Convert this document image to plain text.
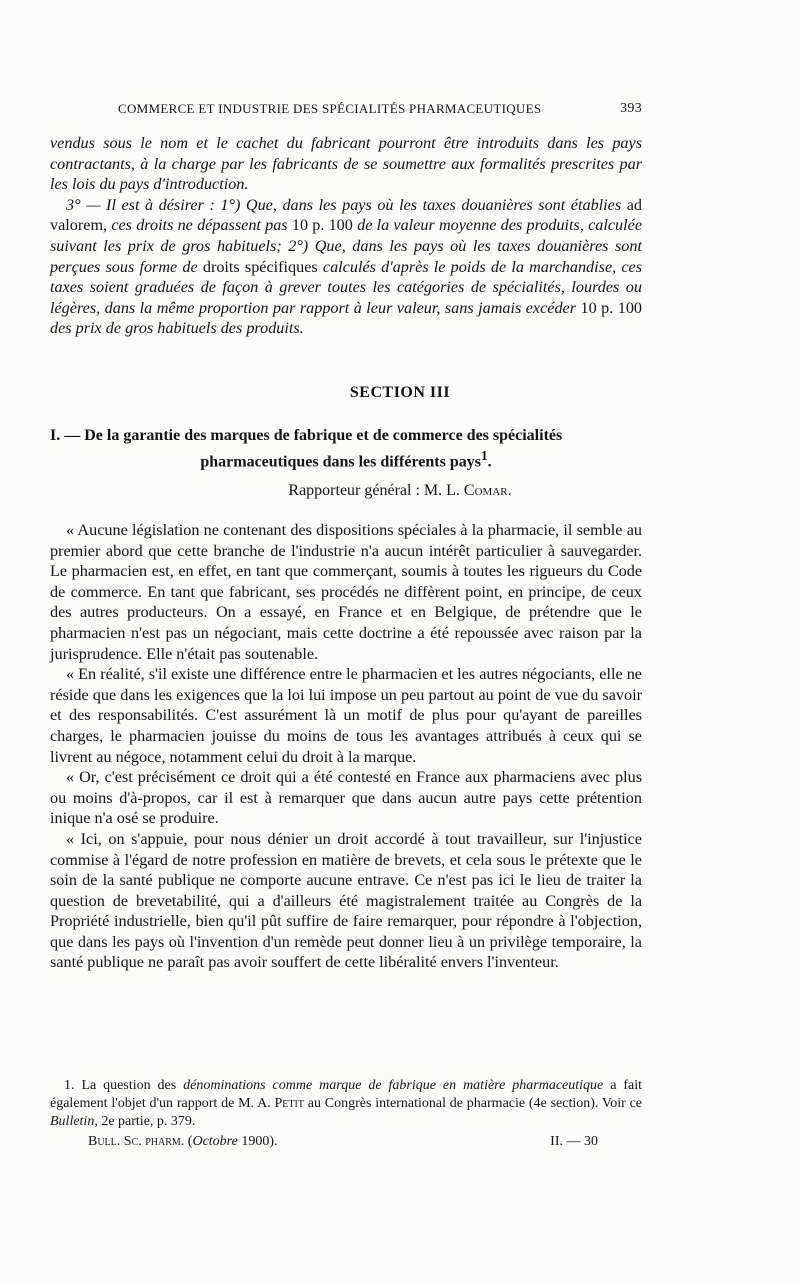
COMMERCE ET INDUSTRIE DES SPÉCIALITÉS PHARMACEUTIQUES	393

vendus sous le nom et le cachet du fabricant pourront être introduits dans les pays contractants, à la charge par les fabricants de se soumettre aux formalités prescrites par les lois du pays d'introduction.

3° — Il est à désirer : 1°) Que, dans les pays où les taxes douanières sont établies ad valorem, ces droits ne dépassent pas 10 p. 100 de la valeur moyenne des produits, calculée suivant les prix de gros habituels; 2°) Que, dans les pays où les taxes douanières sont perçues sous forme de droits spécifiques calculés d'après le poids de la marchandise, ces taxes soient graduées de façon à grever toutes les catégories de spécialités, lourdes ou légères, dans la même proportion par rapport à leur valeur, sans jamais excéder 10 p. 100 des prix de gros habituels des produits.

SECTION III
I. — De la garantie des marques de fabrique et de commerce des spécialités
pharmaceutiques dans les différents pays$^1$.
Rapporteur général : M. L. Comar.

« Aucune législation ne contenant des dispositions spéciales à la pharmacie, il semble au premier abord que cette branche de l'industrie n'a aucun intérêt particulier à sauvegarder. Le pharmacien est, en effet, en tant que commerçant, soumis à toutes les rigueurs du Code de commerce. En tant que fabricant, ses procédés ne diffèrent point, en principe, de ceux des autres producteurs. On a essayé, en France et en Belgique, de prétendre que le pharmacien n'est pas un négociant, mais cette doctrine a été repoussée avec raison par la jurisprudence. Elle n'était pas soutenable.

« En réalité, s'il existe une différence entre le pharmacien et les autres négociants, elle ne réside que dans les exigences que la loi lui impose un peu partout au point de vue du savoir et des responsabilités. C'est assurément là un motif de plus pour qu'ayant de pareilles charges, le pharmacien jouisse du moins de tous les avantages attribués à ceux qui se livrent au négoce, notamment celui du droit à la marque.

« Or, c'est précisément ce droit qui a été contesté en France aux pharmaciens avec plus ou moins d'à-propos, car il est à remarquer que dans aucun autre pays cette prétention inique n'a osé se produire.

« Ici, on s'appuie, pour nous dénier un droit accordé à tout travailleur, sur l'injustice commise à l'égard de notre profession en matière de brevets, et cela sous le prétexte que le soin de la santé publique ne comporte aucune entrave. Ce n'est pas ici le lieu de traiter la question de brevetabilité, qui a d'ailleurs été magistralement traitée au Congrès de la Propriété industrielle, bien qu'il pût suffire de faire remarquer, pour répondre à l'objection, que dans les pays où l'invention d'un remède peut donner lieu à un privilège temporaire, la santé publique ne paraît pas avoir souffert de cette libéralité envers l'inventeur.

1. La question des dénominations comme marque de fabrique en matière pharmaceutique a fait également l'objet d'un rapport de M. A. Petit au Congrès international de pharmacie (4e section). Voir ce Bulletin, 2e partie, p. 379.

Bull. Sc. pharm. (Octobre 1900).	II. — 30
